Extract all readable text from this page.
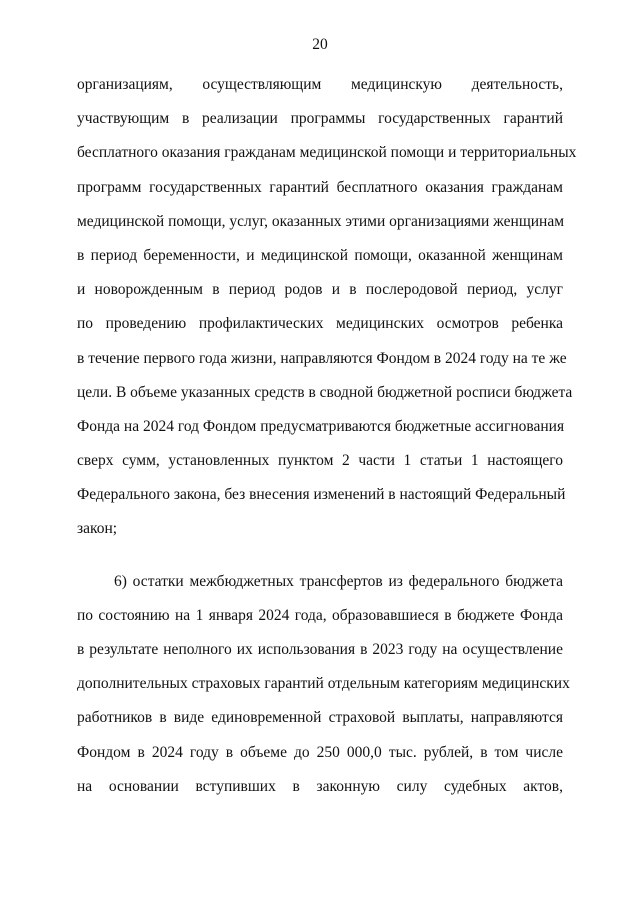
20
организациям, осуществляющим медицинскую деятельность,
участвующим в реализации программы государственных гарантий
бесплатного оказания гражданам медицинской помощи и территориальных
программ государственных гарантий бесплатного оказания гражданам
медицинской помощи, услуг, оказанных этими организациями женщинам
в период беременности, и медицинской помощи, оказанной женщинам
и новорожденным в период родов и в послеродовой период, услуг
по проведению профилактических медицинских осмотров ребенка
в течение первого года жизни, направляются Фондом в 2024 году на те же
цели. В объеме указанных средств в сводной бюджетной росписи бюджета
Фонда на 2024 год Фондом предусматриваются бюджетные ассигнования
сверх сумм, установленных пунктом 2 части 1 статьи 1 настоящего
Федерального закона, без внесения изменений в настоящий Федеральный
закон;
6) остатки межбюджетных трансфертов из федерального бюджета
по состоянию на 1 января 2024 года, образовавшиеся в бюджете Фонда
в результате неполного их использования в 2023 году на осуществление
дополнительных страховых гарантий отдельным категориям медицинских
работников в виде единовременной страховой выплаты, направляются
Фондом в 2024 году в объеме до 250 000,0 тыс. рублей, в том числе
на основании вступивших в законную силу судебных актов,
